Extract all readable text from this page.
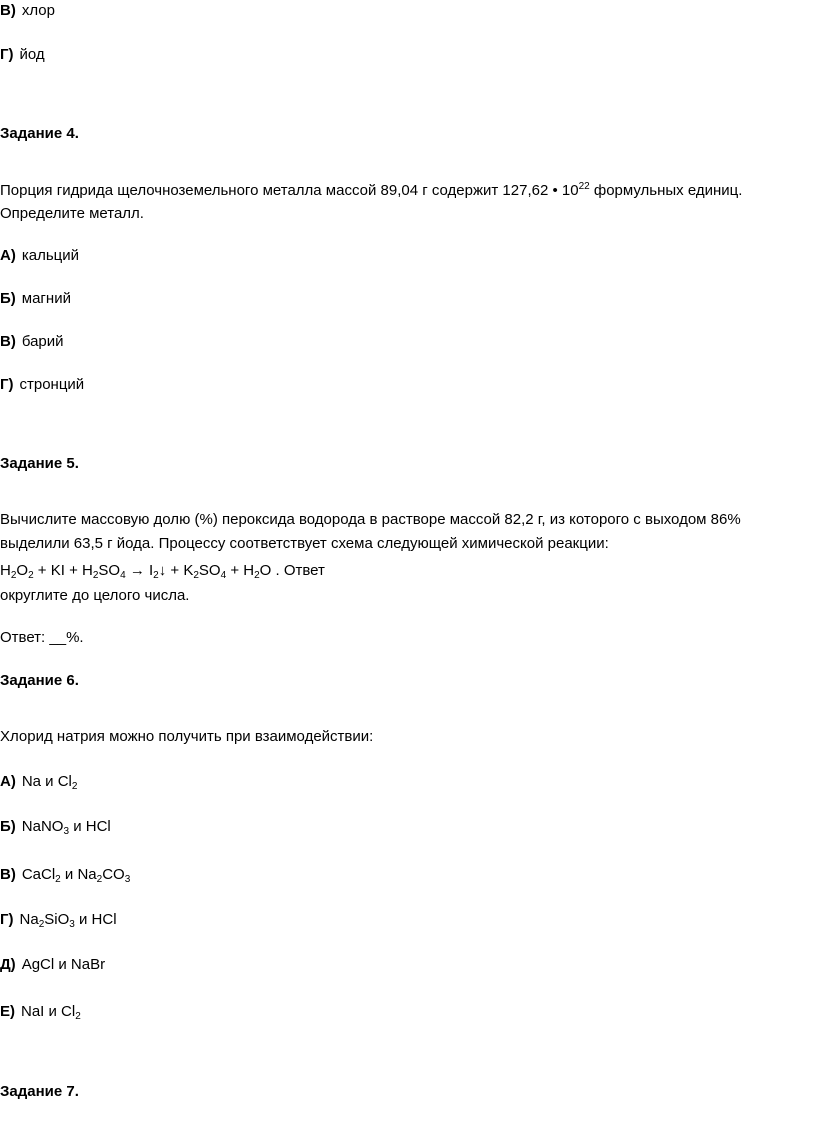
В) хлор
Г) йод
Задание 4.
Порция гидрида щелочноземельного металла массой 89,04 г содержит 127,62 • $10^{22}$ формульных единиц.
Определите металл.
А) кальций
Б) магний
В) барий
Г) стронций
Задание 5.
Вычислите массовую долю (%) пероксида водорода в растворе массой 82,2 г, из которого с выходом 86%
выделили 63,5 г йода. Процессу соответствует схема следующей химической реакции:
$H_2O_2$ + KI + $H_2SO_4$ → $I_2↓ + K_2SO_4 + H_2O$ . Ответ
округлите до целого числа.
Ответ: __%.
Задание 6.
Хлорид натрия можно получить при взаимодействии:
А) Na и $Cl_2$
Б) NaNO$_3$ и HCl
В) CaCl$_2$ и $Na_2CO_3$
Г) $Na_2SiO_3$ и HCl
Д) AgCl и NaBr
Е) NaI и $Cl_2$
Задание 7.
